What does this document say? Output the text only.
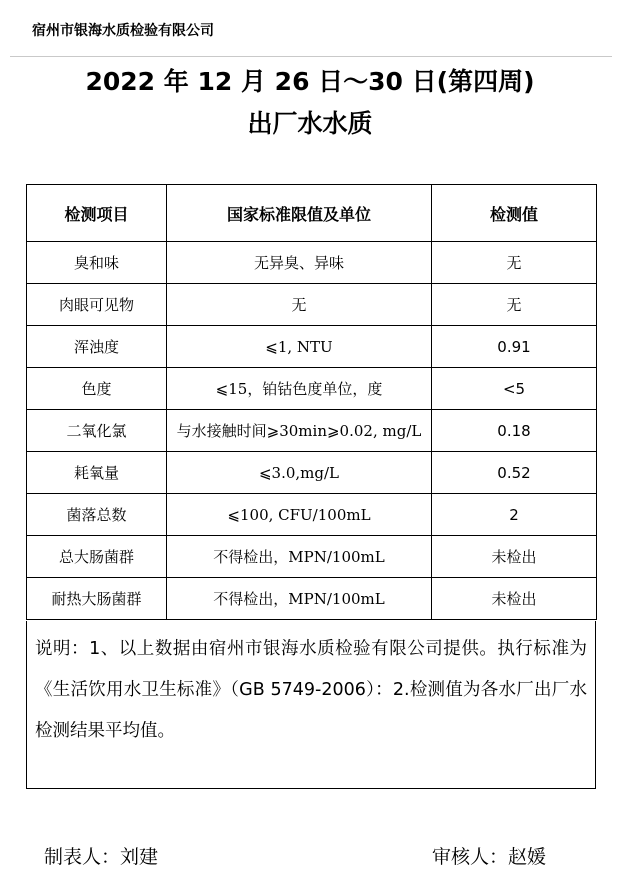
宿州市银海水质检验有限公司
2022 年 12 月 26 日～30 日(第四周)
出厂水水质
检测项目	国家标准限值及单位	检测值
臭和味	无异臭、异味	无
肉眼可见物	无	无
浑浊度	⩽1, NTU	0.91
色度	⩽15，铂钴色度单位，度	<5
二氧化氯	与水接触时间⩾30min⩾0.02, mg/L	0.18
耗氧量	⩽3.0,mg/L	0.52
菌落总数	⩽100, CFU/100mL	2
总大肠菌群	不得检出，MPN/100mL	未检出
耐热大肠菌群	不得检出，MPN/100mL	未检出

说明：1、以上数据由宿州市银海水质检验有限公司提供。执行标准为《生活饮用水卫生标准》（GB 5749-2006）：2.检测值为各水厂出厂水检测结果平均值。

制表人：刘建	审核人：赵媛
